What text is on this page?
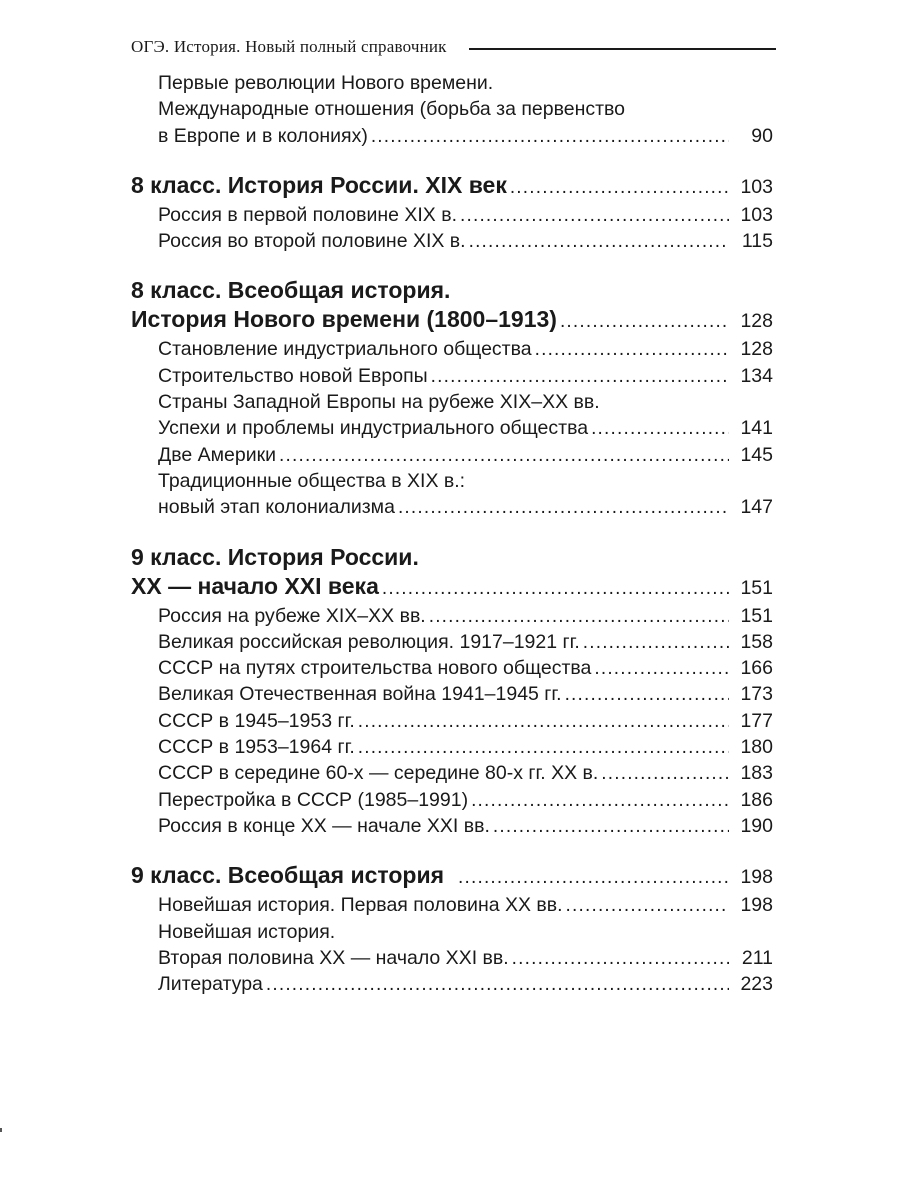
ОГЭ. История. Новый полный справочник
Первые революции Нового времени.
Международные отношения (борьба за первенство
в Европе и в колониях) .....	90
8 класс. История России. XIX век .....	103
Россия в первой половине XIX в. .....	103
Россия во второй половине XIX в. .....	115
8 класс. Всеобщая история.
История Нового времени (1800–1913) .....	128
Становление индустриального общества .....	128
Строительство новой Европы .....	134
Страны Западной Европы на рубеже XIX–XX вв.
Успехи и проблемы индустриального общества .....	141
Две Америки .....	145
Традиционные общества в XIX в.:
новый этап колониализма .....	147
9 класс. История России.
XX — начало XXI века .....	151
Россия на рубеже XIX–XX вв. .....	151
Великая российская революция. 1917–1921 гг. .....	158
СССР на путях строительства нового общества .....	166
Великая Отечественная война 1941–1945 гг. .....	173
СССР в 1945–1953 гг. .....	177
СССР в 1953–1964 гг. .....	180
СССР в середине 60-х — середине 80-х гг. XX в. .....	183
Перестройка в СССР (1985–1991) .....	186
Россия в конце XX — начале XXI вв. .....	190
9 класс. Всеобщая история .....	198
Новейшая история. Первая половина XX вв. .....	198
Новейшая история.
Вторая половина XX — начало XXI вв. .....	211
Литература .....	223
